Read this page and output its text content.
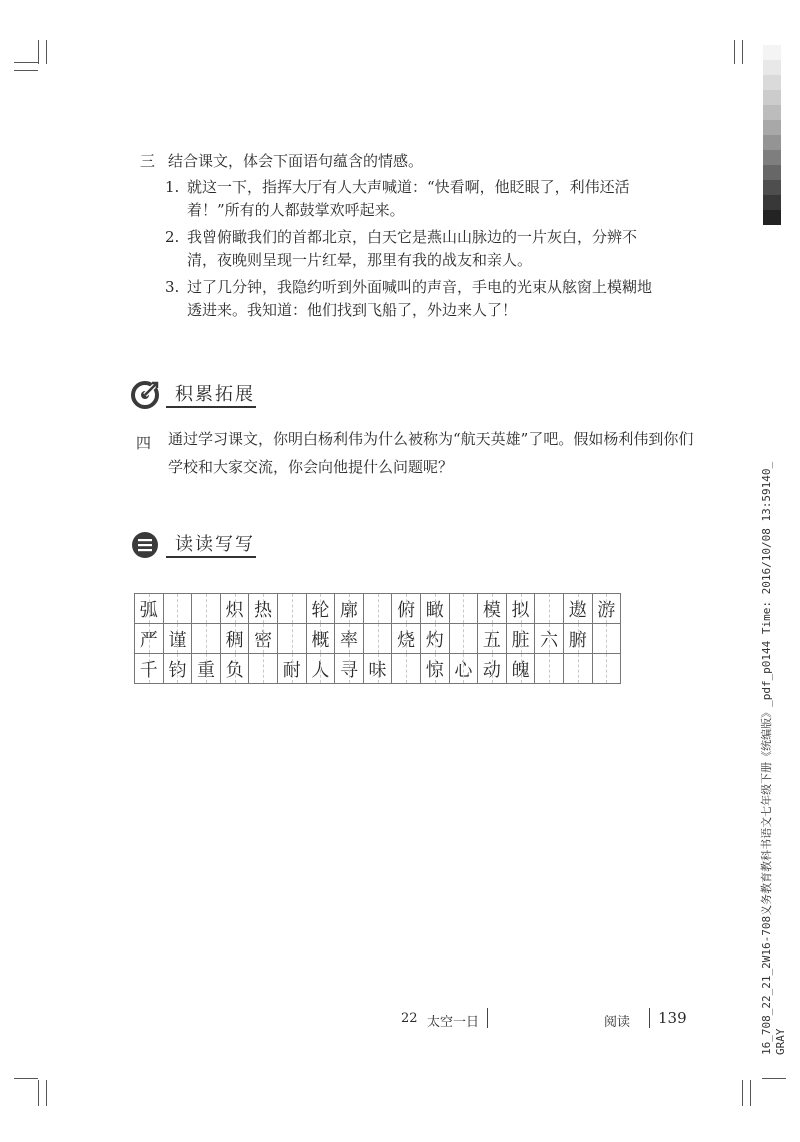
三 结合课文，体会下面语句蕴含的情感。
1. 就这一下，指挥大厅有人大声喊道：“快看啊，他眨眼了，利伟还活着！”所有的人都鼓掌欢呼起来。
2. 我曾俯瞰我们的首都北京，白天它是燕山山脉边的一片灰白，分辨不清，夜晚则呈现一片红晕，那里有我的战友和亲人。
3. 过了几分钟，我隐约听到外面喊叫的声音，手电的光束从舷窗上模糊地透进来。我知道：他们找到飞船了，外边来人了！
积累拓展
四 通过学习课文，你明白杨利伟为什么被称为“航天英雄”了吧。假如杨利伟到你们学校和大家交流，你会向他提什么问题呢？
读读写写
弧			炽	热		轮	廓		俯	瞰		模	拟		遨	游
严	谨		稠	密		概	率		烧	灼		五	脏	六	腑	
千	钧	重	负		耐	人	寻	味		惊	心	动	魄			
22 太空一日	阅读 139	16_708_22_21_2W16-708义务教育教科书语文七年级下册《统编版》_pdf_p0144 Time: 2016/10/08 13:59140_ GRAY
